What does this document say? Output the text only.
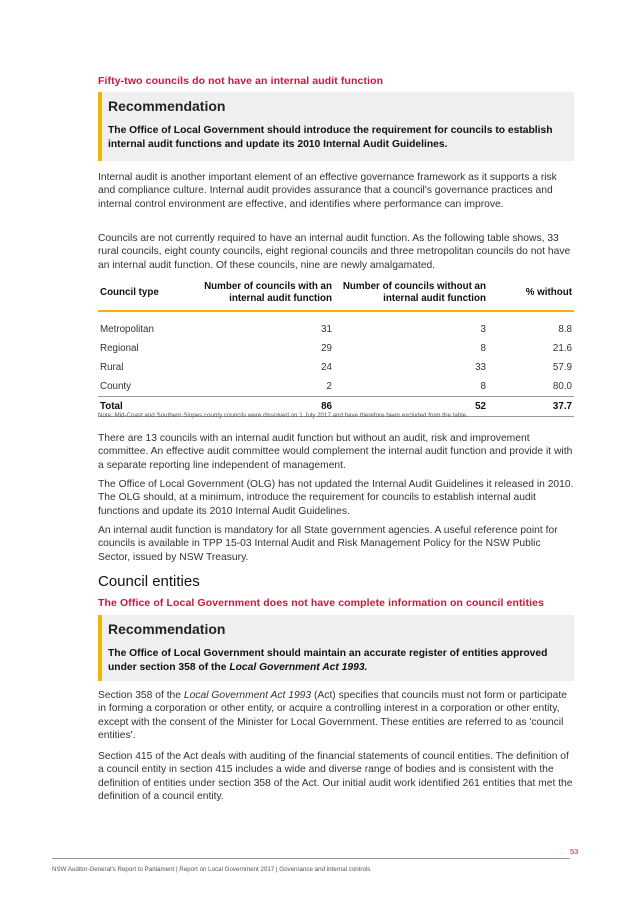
Fifty-two councils do not have an internal audit function
Recommendation
The Office of Local Government should introduce the requirement for councils to establish internal audit functions and update its 2010 Internal Audit Guidelines.
Internal audit is another important element of an effective governance framework as it supports a risk and compliance culture. Internal audit provides assurance that a council's governance practices and internal control environment are effective, and identifies where performance can improve.
Councils are not currently required to have an internal audit function. As the following table shows, 33 rural councils, eight county councils, eight regional councils and three metropolitan councils do not have an internal audit function. Of these councils, nine are newly amalgamated.
Council type	Number of councils with an internal audit function	Number of councils without an internal audit function	% without

Metropolitan	31	3	8.8
Regional	29	8	21.6
Rural	24	33	57.9
County	2	8	80.0
Total	86	52	37.7
Note: Mid-Coast and Southern Slopes county councils were dissolved on 1 July 2017 and have therefore been excluded from the table.
There are 13 councils with an internal audit function but without an audit, risk and improvement committee. An effective audit committee would complement the internal audit function and provide it with a separate reporting line independent of management.
The Office of Local Government (OLG) has not updated the Internal Audit Guidelines it released in 2010. The OLG should, at a minimum, introduce the requirement for councils to establish internal audit functions and update its 2010 Internal Audit Guidelines.
An internal audit function is mandatory for all State government agencies. A useful reference point for councils is available in TPP 15-03 Internal Audit and Risk Management Policy for the NSW Public Sector, issued by NSW Treasury.
Council entities
The Office of Local Government does not have complete information on council entities
Recommendation
The Office of Local Government should maintain an accurate register of entities approved under section 358 of the Local Government Act 1993.
Section 358 of the Local Government Act 1993 (Act) specifies that councils must not form or participate in forming a corporation or other entity, or acquire a controlling interest in a corporation or other entity, except with the consent of the Minister for Local Government. These entities are referred to as 'council entities'.
Section 415 of the Act deals with auditing of the financial statements of council entities. The definition of a council entity in section 415 includes a wide and diverse range of bodies and is consistent with the definition of entities under section 358 of the Act. Our initial audit work identified 261 entities that met the definition of a council entity.
53
NSW Auditor-General's Report to Parliament | Report on Local Government 2017 | Governance and internal controls
